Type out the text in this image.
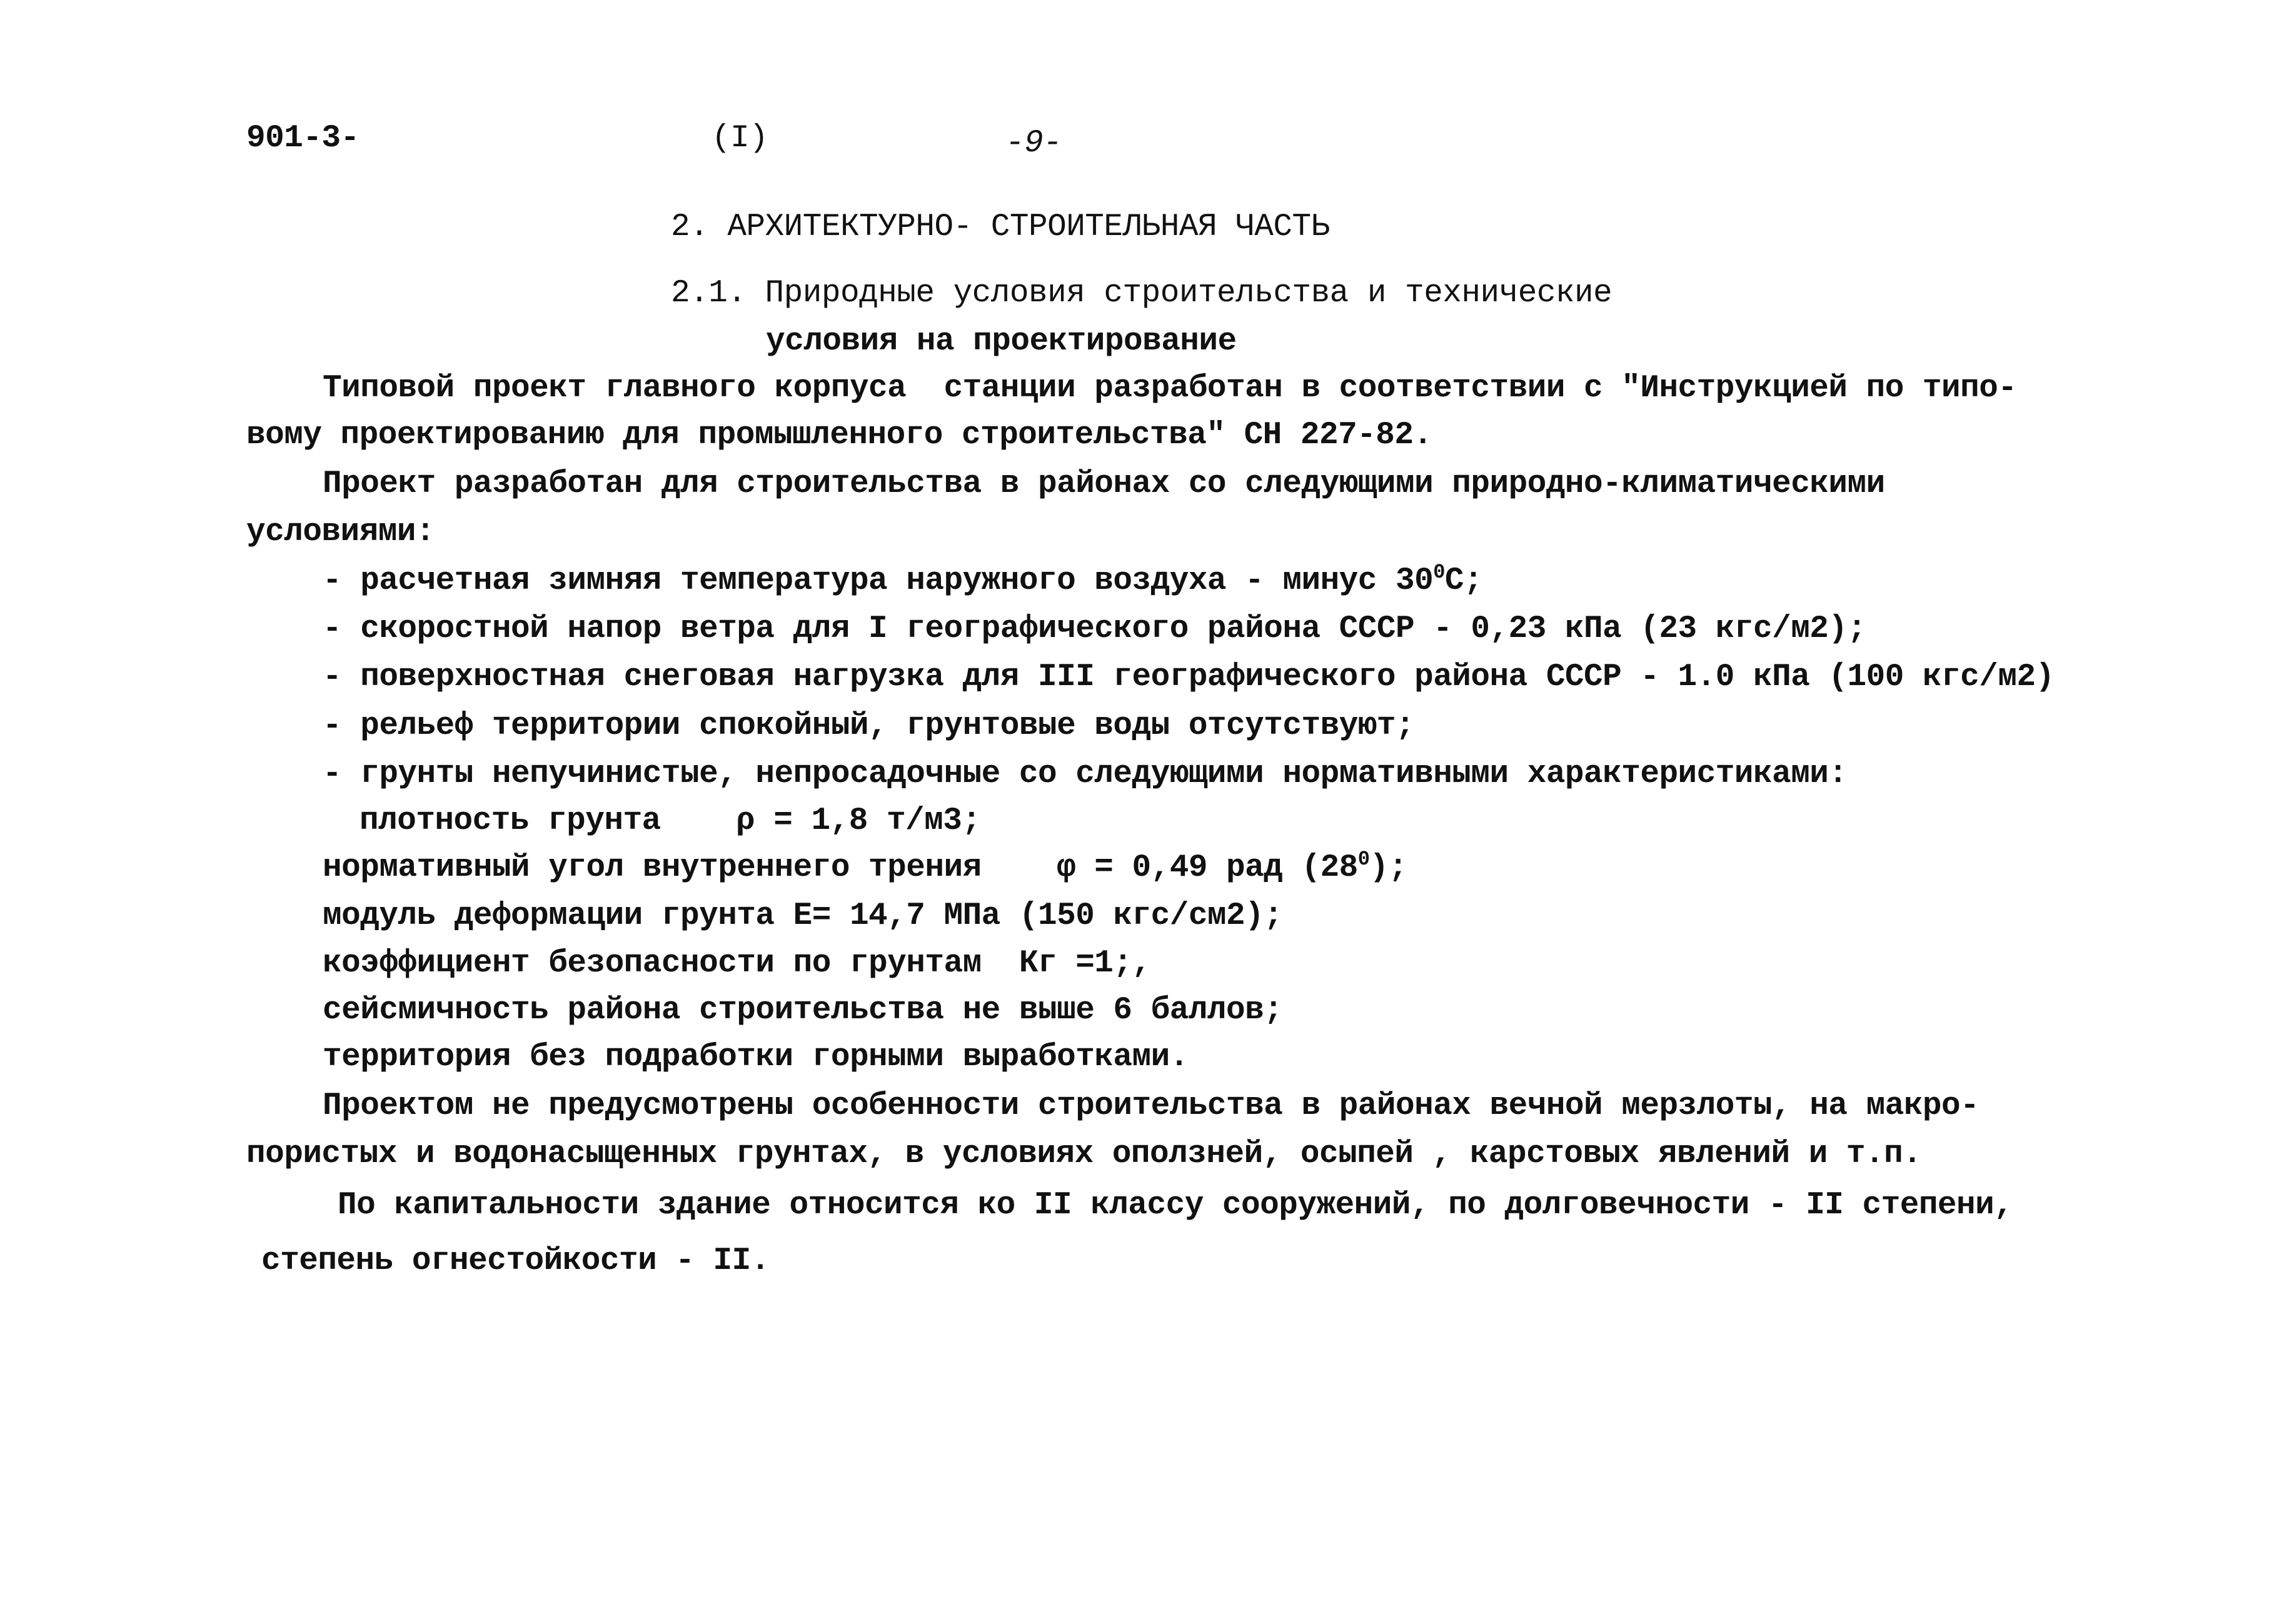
901-3-	(I)	-9-
2. АРХИТЕКТУРНО- СТРОИТЕЛЬНАЯ ЧАСТЬ
2.1. Природные условия строительства и технические
условия на проектирование
Типовой проект главного корпуса  станции разработан в соответствии с "Инструкцией по типо-
вому проектированию для промышленного строительства" СН 227-82.
Проект разработан для строительства в районах со следующими природно-климатическими
условиями:
- расчетная зимняя температура наружного воздуха - минус $30^0С$;
- скоростной напор ветра для I географического района СССР - 0,23 кПа (23 кгс/м2);
- поверхностная снеговая нагрузка для III географического района СССР - 1.0 кПа (100 кгс/м2)
- рельеф территории спокойный, грунтовые воды отсутствуют;
- грунты непучинистые, непросадочные со следующими нормативными характеристиками:
плотность грунта    ρ = 1,8 т/м3;
нормативный угол внутреннего трения    φ = 0,49 рад $(28^0)$;
модуль деформации грунта Е= 14,7 МПа (150 кгс/см2);
коэффициент безопасности по грунтам  Кг =1;,
сейсмичность района строительства не выше 6 баллов;
территория без подработки горными выработками.
Проектом не предусмотрены особенности строительства в районах вечной мерзлоты, на макро-
пористых и водонасыщенных грунтах, в условиях оползней, осыпей , карстовых явлений и т.п.
По капитальности здание относится ко II классу сооружений, по долговечности - II степени,
степень огнестойкости - II.
